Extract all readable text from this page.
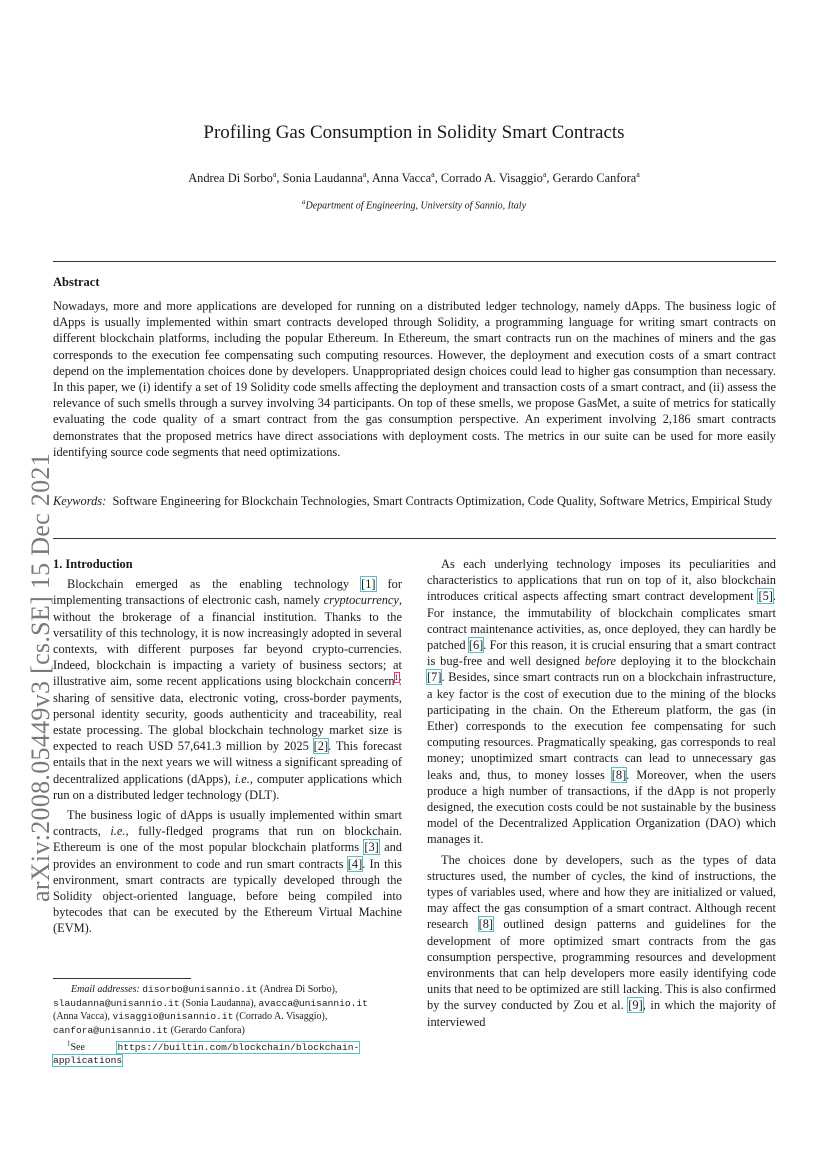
arXiv:2008.05449v3 [cs.SE] 15 Dec 2021
Profiling Gas Consumption in Solidity Smart Contracts
Andrea Di Sorbo$^a$, Sonia Laudanna$^a$, Anna Vacca$^a$, Corrado A. Visaggio$^a$, Gerardo Canfora$^a$
$^a$Department of Engineering, University of Sannio, Italy
Abstract
Nowadays, more and more applications are developed for running on a distributed ledger technology, namely dApps. The business logic of dApps is usually implemented within smart contracts developed through Solidity, a programming language for writing smart contracts on different blockchain platforms, including the popular Ethereum. In Ethereum, the smart contracts run on the machines of miners and the gas corresponds to the execution fee compensating such computing resources. However, the deployment and execution costs of a smart contract depend on the implementation choices done by developers. Unappropriated design choices could lead to higher gas consumption than necessary. In this paper, we (i) identify a set of 19 Solidity code smells affecting the deployment and transaction costs of a smart contract, and (ii) assess the relevance of such smells through a survey involving 34 participants. On top of these smells, we propose GasMet, a suite of metrics for statically evaluating the code quality of a smart contract from the gas consumption perspective. An experiment involving 2,186 smart contracts demonstrates that the proposed metrics have direct associations with deployment costs. The metrics in our suite can be used for more easily identifying source code segments that need optimizations.
Keywords: Software Engineering for Blockchain Technologies, Smart Contracts Optimization, Code Quality, Software Metrics, Empirical Study

1. Introduction

Blockchain emerged as the enabling technology [1] for implementing transactions of electronic cash, namely cryptocurrency, without the brokerage of a financial institution. Thanks to the versatility of this technology, it is now increasingly adopted in several contexts, with different purposes far beyond crypto-currencies. Indeed, blockchain is impacting a variety of business sectors; at illustrative aim, some recent applications using blockchain concern$^1$: sharing of sensitive data, electronic voting, cross-border payments, personal identity security, goods authenticity and traceability, real estate processing. The global blockchain technology market size is expected to reach USD 57,641.3 million by 2025 [2]. This forecast entails that in the next years we will witness a significant spreading of decentralized applications (dApps), i.e., computer applications which run on a distributed ledger technology (DLT).

The business logic of dApps is usually implemented within smart contracts, i.e., fully-fledged programs that run on blockchain. Ethereum is one of the most popular blockchain platforms [3] and provides an environment to code and run smart contracts [4]. In this environment, smart contracts are typically developed through the Solidity object-oriented language, before being compiled into bytecodes that can be executed by the Ethereum Virtual Machine (EVM).

As each underlying technology imposes its peculiarities and characteristics to applications that run on top of it, also blockchain introduces critical aspects affecting smart contract development [5]. For instance, the immutability of blockchain complicates smart contract maintenance activities, as, once deployed, they can hardly be patched [6]. For this reason, it is crucial ensuring that a smart contract is bug-free and well designed before deploying it to the blockchain [7]. Besides, since smart contracts run on a blockchain infrastructure, a key factor is the cost of execution due to the mining of the blocks participating in the chain. On the Ethereum platform, the gas (in Ether) corresponds to the execution fee compensating for such computing resources. Pragmatically speaking, gas corresponds to real money; unoptimized smart contracts can lead to unnecessary gas leaks and, thus, to money losses [8]. Moreover, when the users produce a high number of transactions, if the dApp is not properly designed, the execution costs could be not sustainable by the business model of the Decentralized Application Organization (DAO) which manages it.

The choices done by developers, such as the types of data structures used, the number of cycles, the kind of instructions, the types of variables used, where and how they are initialized or valued, may affect the gas consumption of a smart contract. Although recent research [8] outlined design patterns and guidelines for the development of more optimized smart contracts from the gas consumption perspective, programming resources and development environments that can help developers more easily identifying code units that need to be optimized are still lacking. This is also confirmed by the survey conducted by Zou et al. [9], in which the majority of interviewed

Email addresses: disorbo@unisannio.it (Andrea Di Sorbo),
slaudanna@unisannio.it (Sonia Laudanna), avacca@unisannio.it
(Anna Vacca), visaggio@unisannio.it (Corrado A. Visaggio),
canfora@unisannio.it (Gerardo Canfora)

$^1$See	https://builtin.com/blockchain/blockchain-
applications
